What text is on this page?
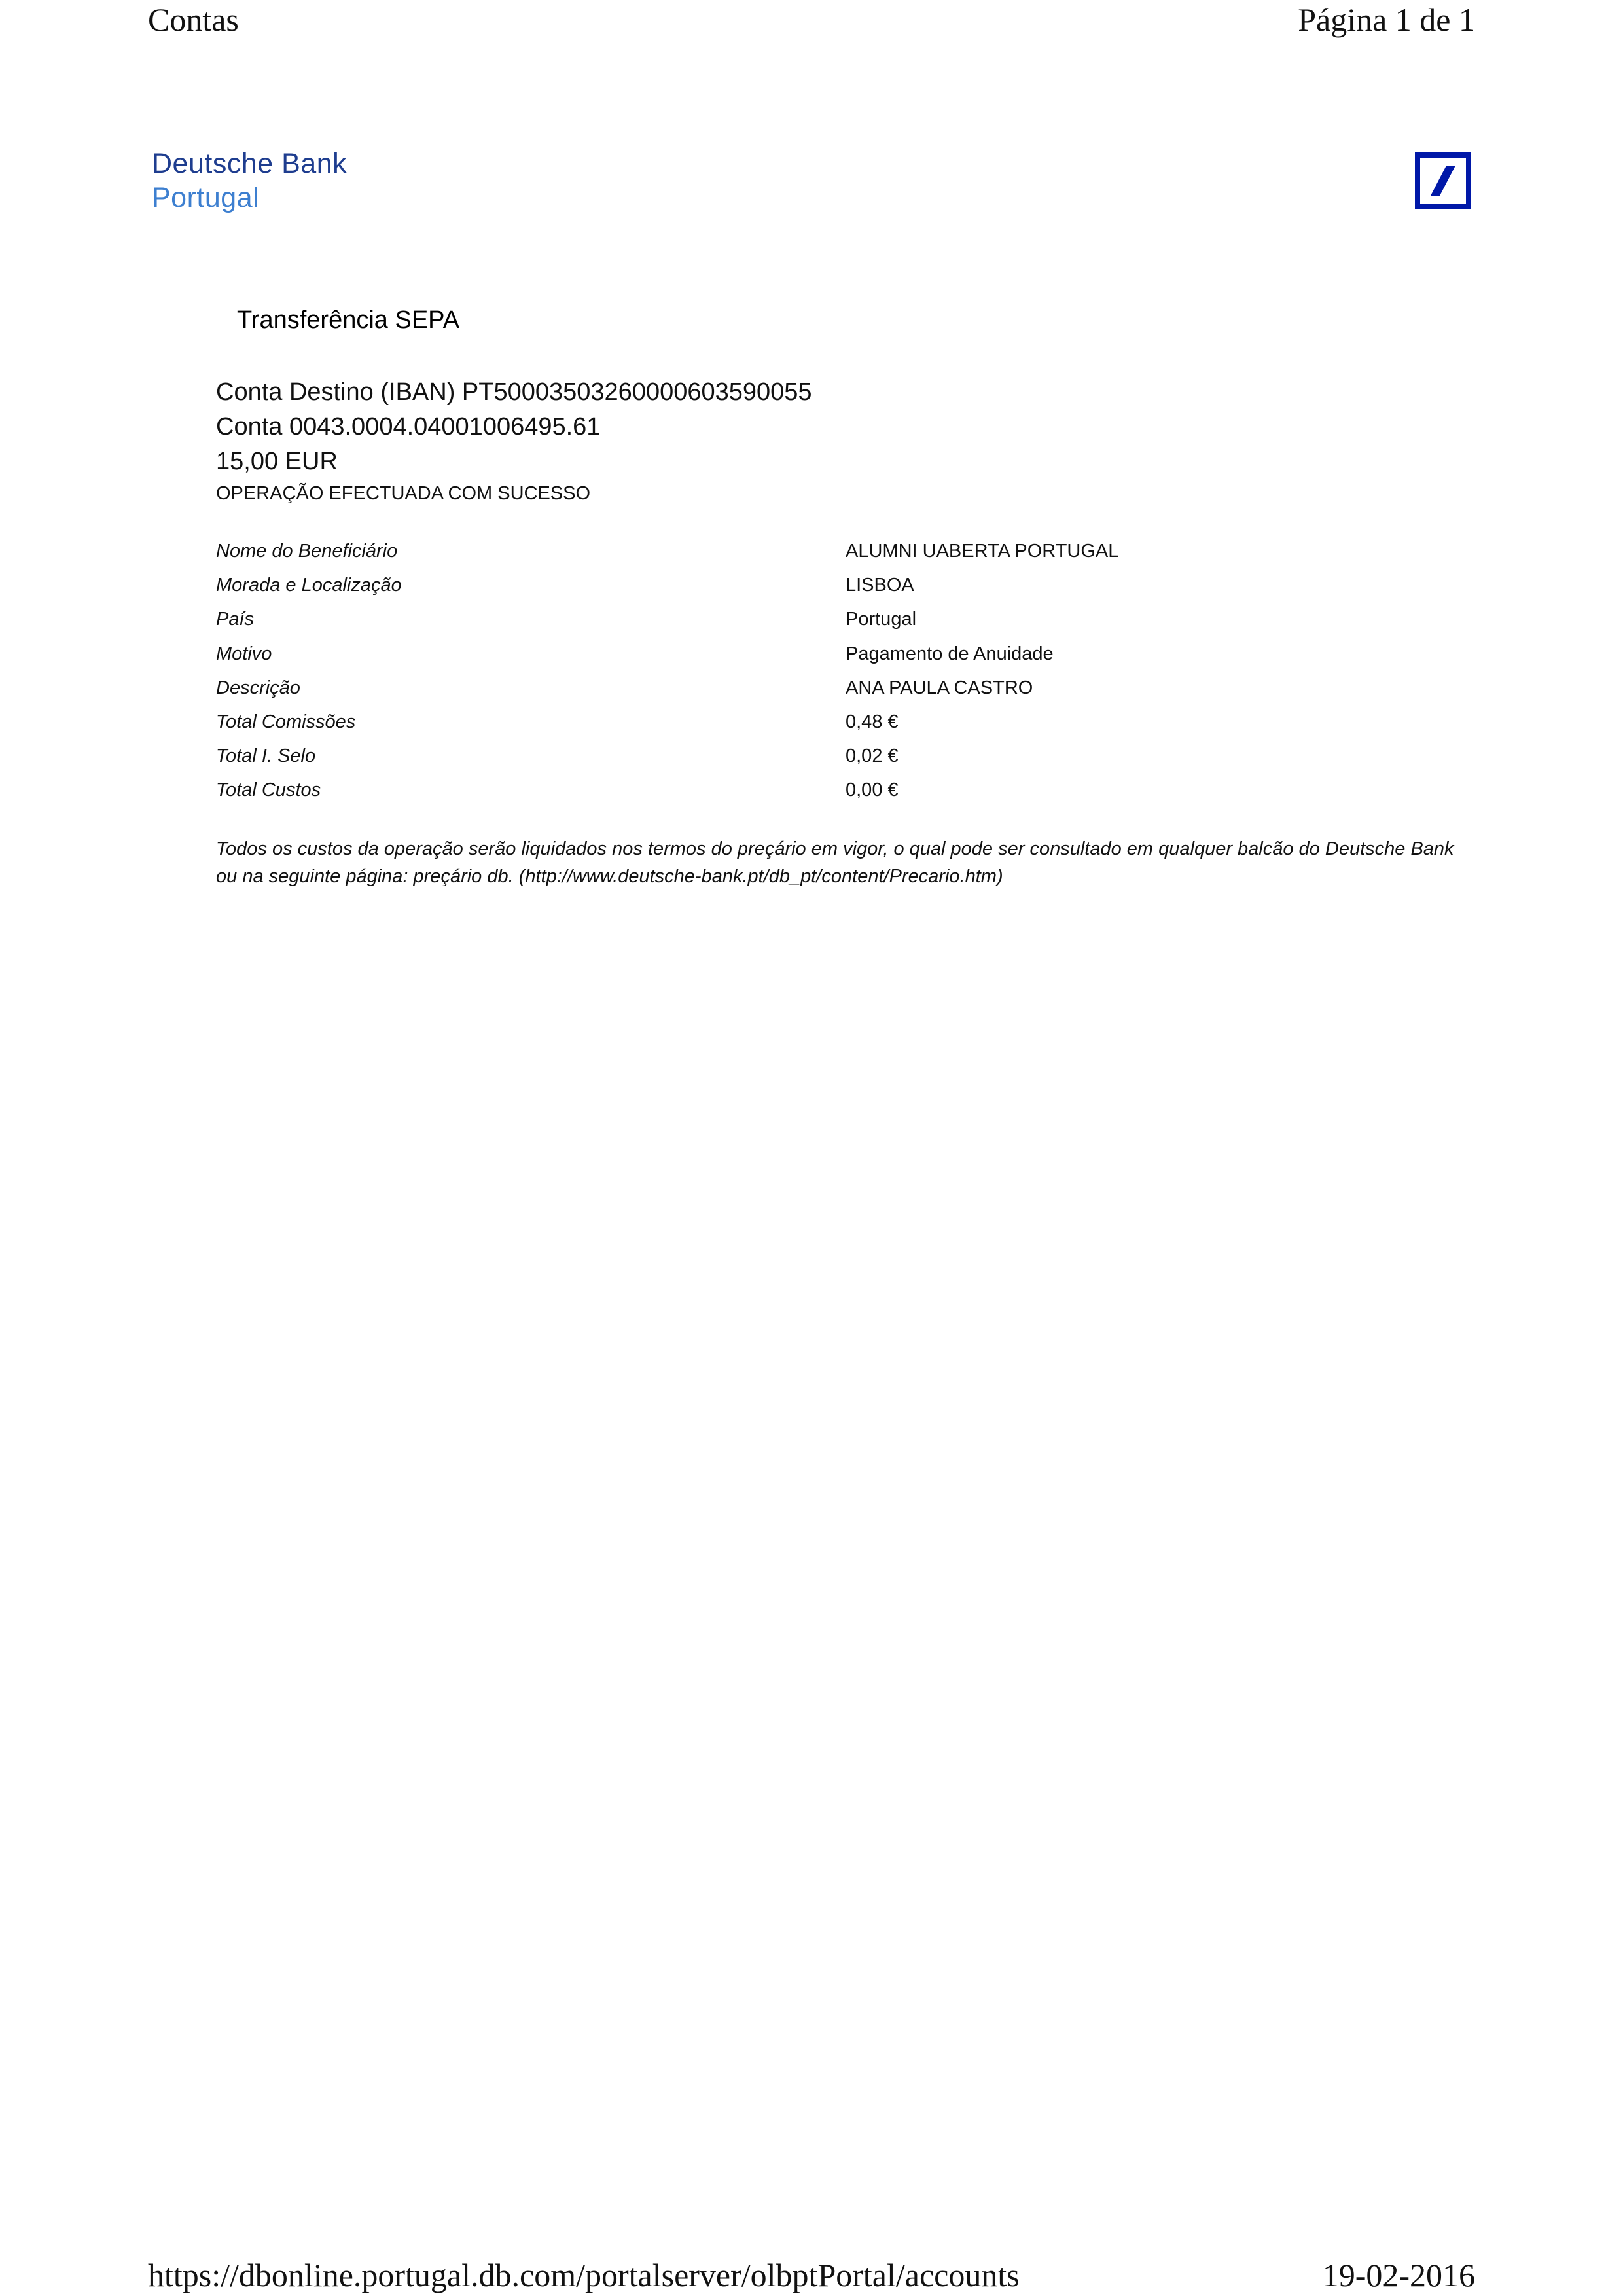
Contas	Página 1 de 1
Deutsche Bank
Portugal
Transferência SEPA
Conta Destino (IBAN) PT50003503260000603590055
Conta 0043.0004.04001006495.61
15,00 EUR
OPERAÇÃO EFECTUADA COM SUCESSO
Nome do Beneficiário	ALUMNI UABERTA PORTUGAL
Morada e Localização	LISBOA
País	Portugal
Motivo	Pagamento de Anuidade
Descrição	ANA PAULA CASTRO
Total Comissões	0,48 €
Total I. Selo	0,02 €
Total Custos	0,00 €
Todos os custos da operação serão liquidados nos termos do preçário em vigor, o qual pode ser consultado em qualquer balcão do Deutsche Bank
ou na seguinte página: preçário db. (http://www.deutsche-bank.pt/db_pt/content/Precario.htm)
https://dbonline.portugal.db.com/portalserver/olbptPortal/accounts	19-02-2016
